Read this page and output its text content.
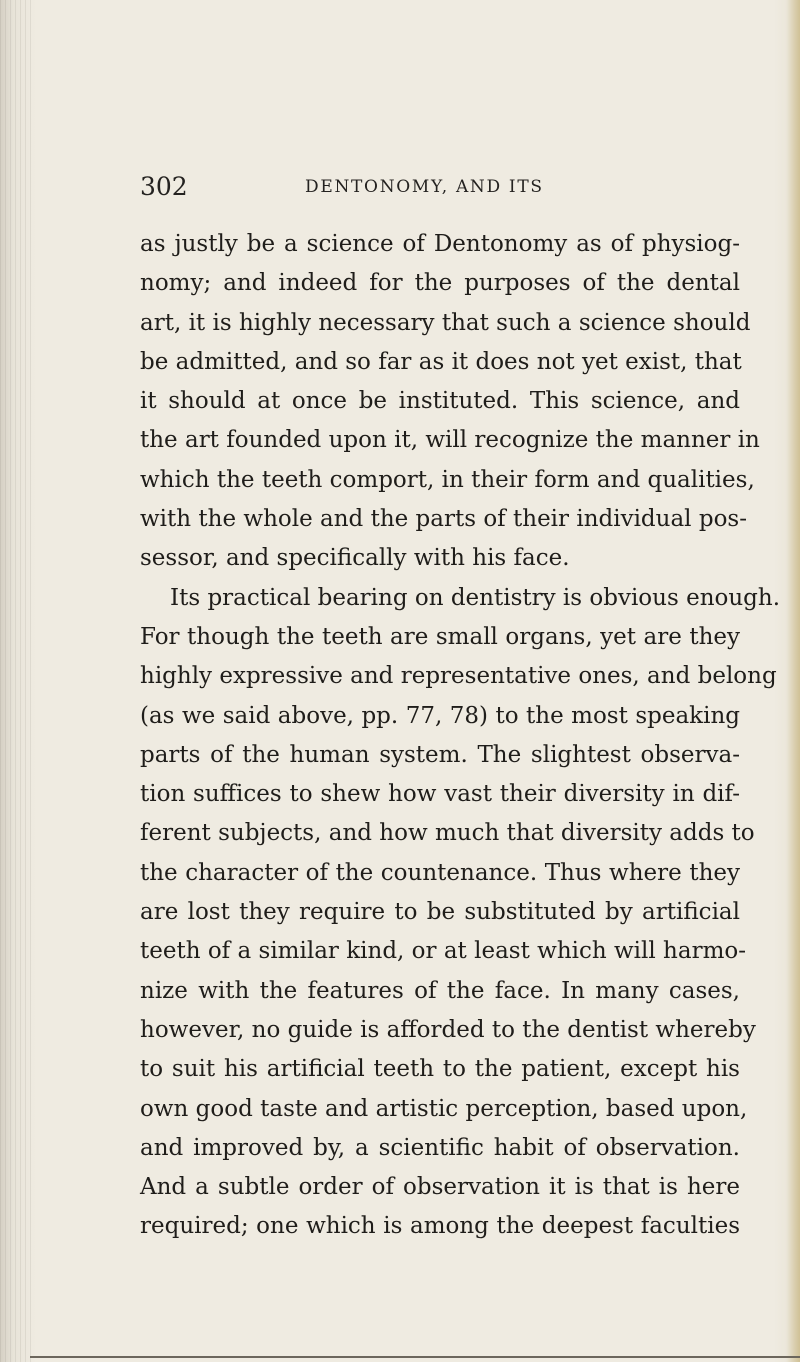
302	DENTONOMY, AND ITS
as justly be a science of Dentonomy as of physiog-
nomy; and indeed for the purposes of the dental
art, it is highly necessary that such a science should
be admitted, and so far as it does not yet exist, that
it should at once be instituted. This science, and
the art founded upon it, will recognize the manner in
which the teeth comport, in their form and qualities,
with the whole and the parts of their individual pos-
sessor, and specifically with his face.
Its practical bearing on dentistry is obvious enough.
For though the teeth are small organs, yet are they
highly expressive and representative ones, and belong
(as we said above, pp. 77, 78) to the most speaking
parts of the human system. The slightest observa-
tion suffices to shew how vast their diversity in dif-
ferent subjects, and how much that diversity adds to
the character of the countenance. Thus where they
are lost they require to be substituted by artificial
teeth of a similar kind, or at least which will harmo-
nize with the features of the face. In many cases,
however, no guide is afforded to the dentist whereby
to suit his artificial teeth to the patient, except his
own good taste and artistic perception, based upon,
and improved by, a scientific habit of observation.
And a subtle order of observation it is that is here
required; one which is among the deepest faculties
